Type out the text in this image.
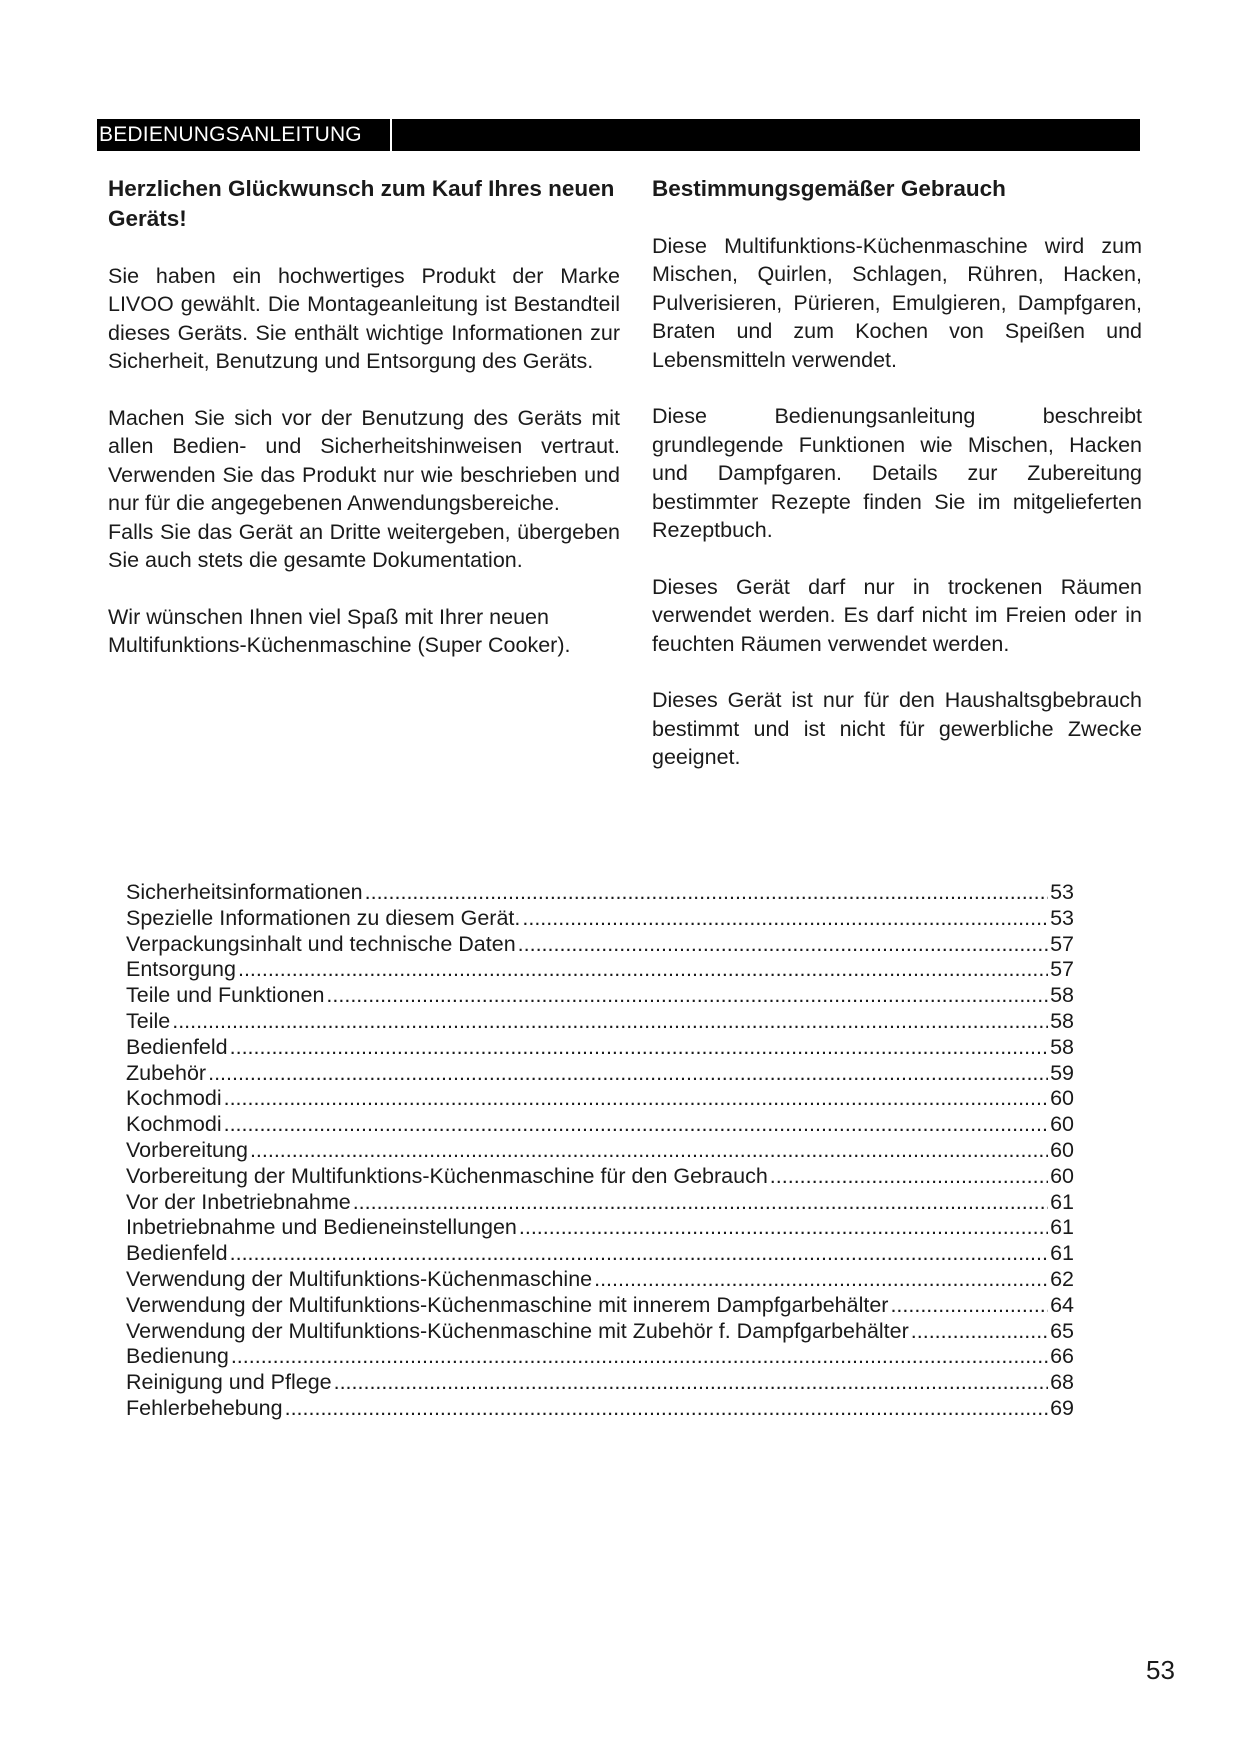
BEDIENUNGSANLEITUNG
Herzlichen Glückwunsch zum Kauf Ihres neuen Geräts!

Sie haben ein hochwertiges Produkt der Marke LIVOO gewählt. Die Montageanleitung ist Bestandteil dieses Geräts. Sie enthält wichtige Informationen zur Sicherheit, Benutzung und Entsorgung des Geräts.

Machen Sie sich vor der Benutzung des Geräts mit allen Bedien- und Sicherheitshinweisen vertraut. Verwenden Sie das Produkt nur wie beschrieben und nur für die angegebenen Anwendungsbereiche.

Falls Sie das Gerät an Dritte weitergeben, übergeben Sie auch stets die gesamte Dokumentation.

Wir wünschen Ihnen viel Spaß mit Ihrer neuen Multifunktions-Küchenmaschine (Super Cooker).

Bestimmungsgemäßer Gebrauch

Diese Multifunktions-Küchenmaschine wird zum Mischen, Quirlen, Schlagen, Rühren, Hacken, Pulverisieren, Pürieren, Emulgieren, Dampfgaren, Braten und zum Kochen von Speißen und Lebensmitteln verwendet.

Diese Bedienungsanleitung beschreibt grundlegende Funktionen wie Mischen, Hacken und Dampfgaren. Details zur Zubereitung bestimmter Rezepte finden Sie im mitgelieferten Rezeptbuch.

Dieses Gerät darf nur in trockenen Räumen verwendet werden. Es darf nicht im Freien oder in feuchten Räumen verwendet werden.

Dieses Gerät ist nur für den Haushaltsgbebrauch bestimmt und ist nicht für gewerbliche Zwecke geeignet.

Sicherheitsinformationen .....	53
Spezielle Informationen zu diesem Gerät. .....	53
Verpackungsinhalt und technische Daten .....	57
Entsorgung .....	57
Teile und Funktionen .....	58
Teile .....	58
Bedienfeld .....	58
Zubehör .....	59
Kochmodi .....	60
Kochmodi .....	60
Vorbereitung .....	60
Vorbereitung der Multifunktions-Küchenmaschine für den Gebrauch .....	60
Vor der Inbetriebnahme .....	61
Inbetriebnahme und Bedieneinstellungen .....	61
Bedienfeld .....	61
Verwendung der Multifunktions-Küchenmaschine .....	62
Verwendung der Multifunktions-Küchenmaschine mit innerem Dampfgarbehälter .....	64
Verwendung der Multifunktions-Küchenmaschine mit Zubehör f. Dampfgarbehälter .....	65
Bedienung .....	66
Reinigung und Pflege .....	68
Fehlerbehebung .....	69
53
